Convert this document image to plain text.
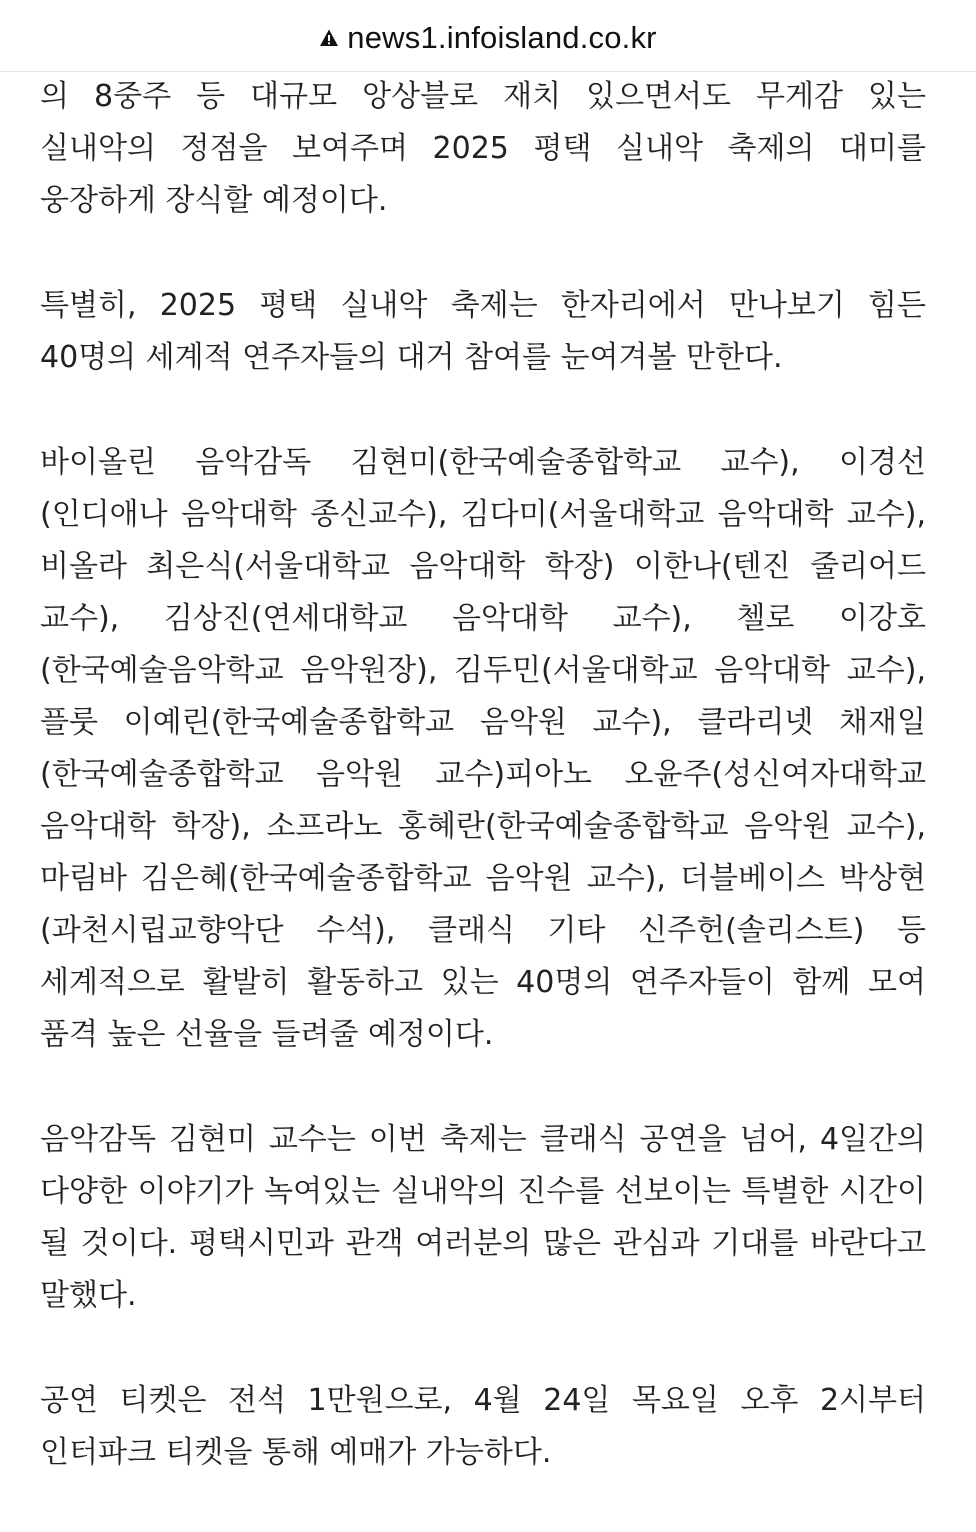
news1.infoisland.co.kr

의 8중주 등 대규모 앙상블로 재치 있으면서도 무게감 있는 실내악의 정점을 보여주며 2025 평택 실내악 축제의 대미를 웅장하게 장식할 예정이다.

특별히, 2025 평택 실내악 축제는 한자리에서 만나보기 힘든 40명의 세계적 연주자들의 대거 참여를 눈여겨볼 만한다.

바이올린 음악감독 김현미(한국예술종합학교 교수), 이경선(인디애나 음악대학 종신교수), 김다미(서울대학교 음악대학 교수), 비올라 최은식(서울대학교 음악대학 학장) 이한나(텐진 줄리어드 교수), 김상진(연세대학교 음악대학 교수), 첼로 이강호(한국예술음악학교 음악원장), 김두민(서울대학교 음악대학 교수), 플룻 이예린(한국예술종합학교 음악원 교수), 클라리넷 채재일(한국예술종합학교 음악원 교수)피아노 오윤주(성신여자대학교 음악대학 학장), 소프라노 홍혜란(한국예술종합학교 음악원 교수), 마림바 김은혜(한국예술종합학교 음악원 교수), 더블베이스 박상현(과천시립교향악단 수석), 클래식 기타 신주헌(솔리스트) 등 세계적으로 활발히 활동하고 있는 40명의 연주자들이 함께 모여 품격 높은 선율을 들려줄 예정이다.

음악감독 김현미 교수는 이번 축제는 클래식 공연을 넘어, 4일간의 다양한 이야기가 녹여있는 실내악의 진수를 선보이는 특별한 시간이 될 것이다. 평택시민과 관객 여러분의 많은 관심과 기대를 바란다고 말했다.

공연 티켓은 전석 1만원으로, 4월 24일 목요일 오후 2시부터 인터파크 티켓을 통해 예매가 가능하다.
